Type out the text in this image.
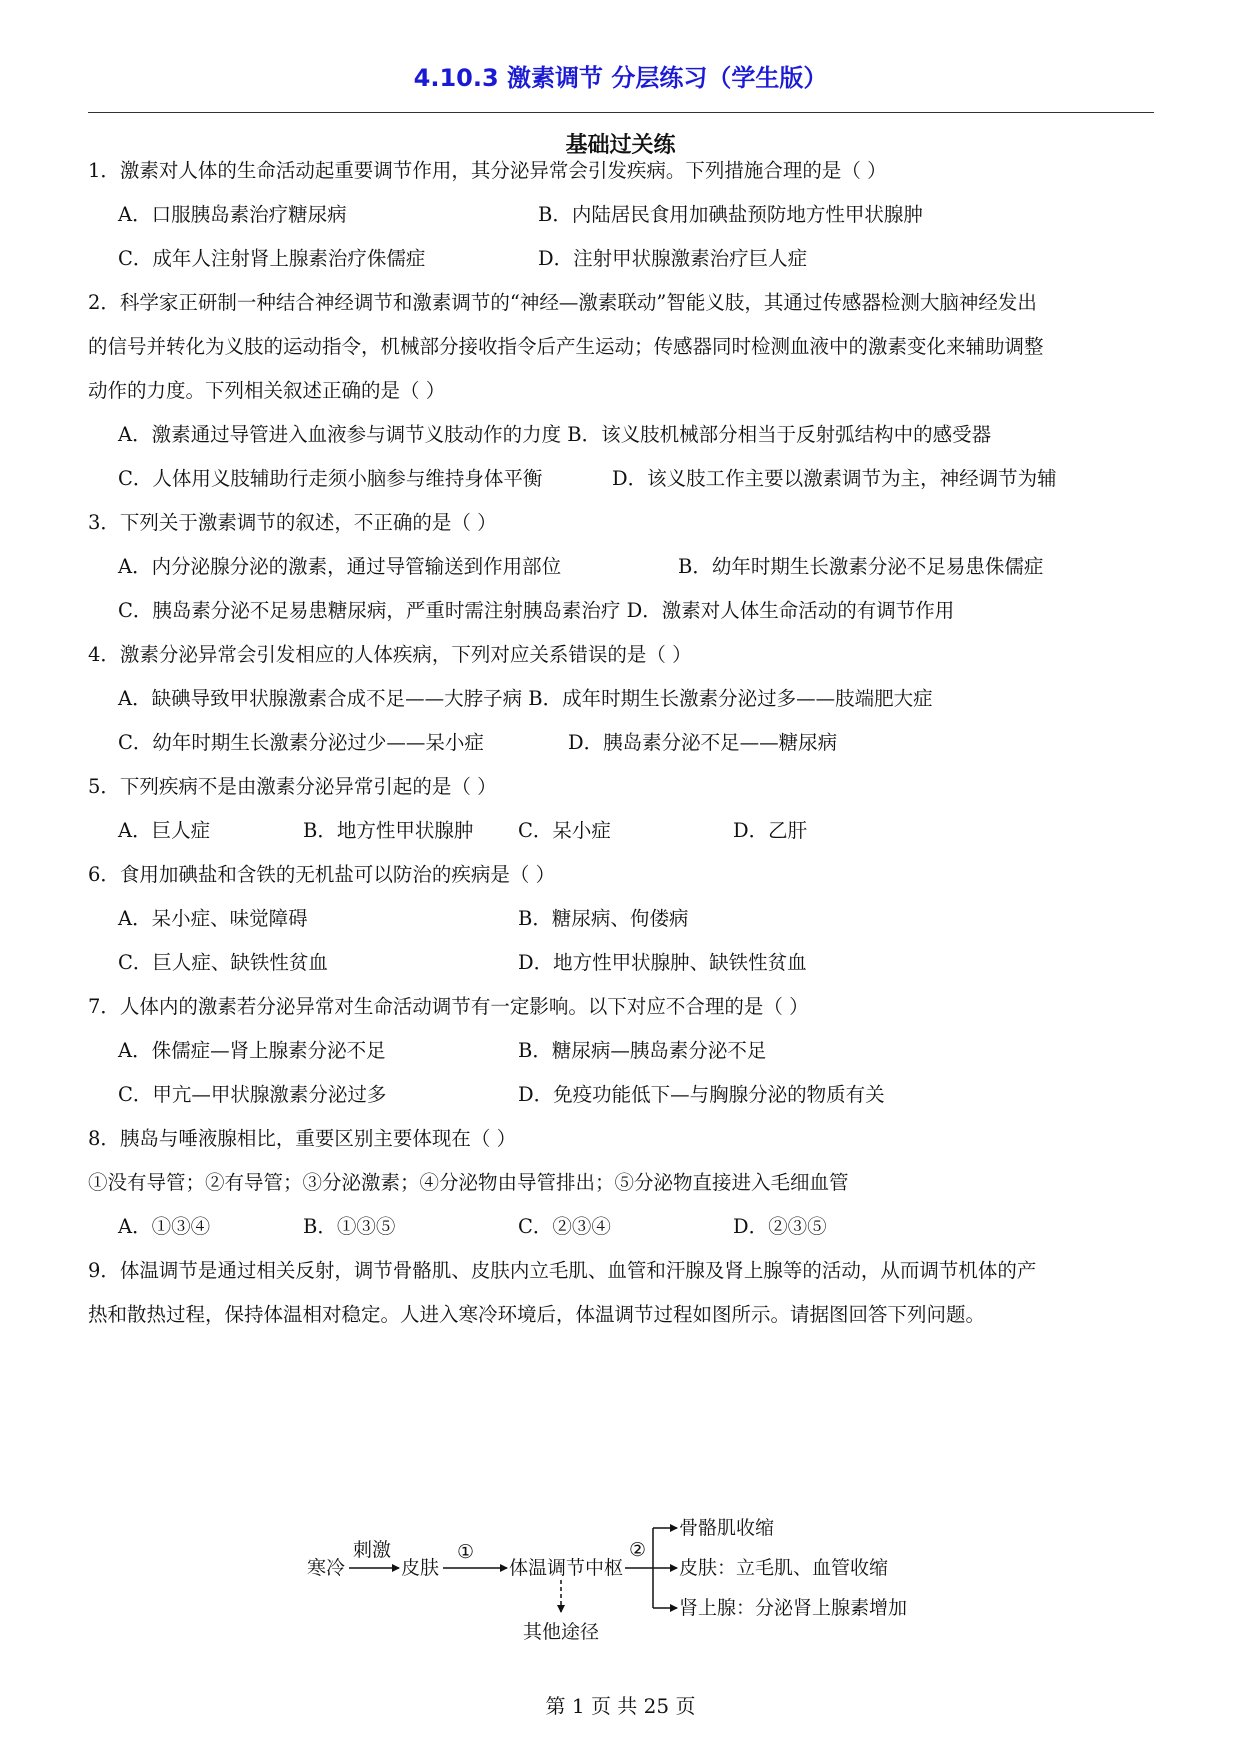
4.10.3 激素调节 分层练习（学生版）
基础过关练
1．激素对人体的生命活动起重要调节作用，其分泌异常会引发疾病。下列措施合理的是（ ）
A．口服胰岛素治疗糖尿病	B．内陆居民食用加碘盐预防地方性甲状腺肿
C．成年人注射肾上腺素治疗侏儒症	D．注射甲状腺激素治疗巨人症
2．科学家正研制一种结合神经调节和激素调节的“神经—激素联动”智能义肢，其通过传感器检测大脑神经发出
的信号并转化为义肢的运动指令，机械部分接收指令后产生运动；传感器同时检测血液中的激素变化来辅助调整
动作的力度。下列相关叙述正确的是（ ）
A．激素通过导管进入血液参与调节义肢动作的力度 B．该义肢机械部分相当于反射弧结构中的感受器
C．人体用义肢辅助行走须小脑参与维持身体平衡	D．该义肢工作主要以激素调节为主，神经调节为辅
3．下列关于激素调节的叙述，不正确的是（ ）
A．内分泌腺分泌的激素，通过导管输送到作用部位	B．幼年时期生长激素分泌不足易患侏儒症
C．胰岛素分泌不足易患糖尿病，严重时需注射胰岛素治疗 D．激素对人体生命活动的有调节作用
4．激素分泌异常会引发相应的人体疾病，下列对应关系错误的是（ ）
A．缺碘导致甲状腺激素合成不足——大脖子病 B．成年时期生长激素分泌过多——肢端肥大症
C．幼年时期生长激素分泌过少——呆小症	D．胰岛素分泌不足——糖尿病
5．下列疾病不是由激素分泌异常引起的是（ ）
A．巨人症	B．地方性甲状腺肿 C．呆小症	D．乙肝
6．食用加碘盐和含铁的无机盐可以防治的疾病是（ ）
A．呆小症、味觉障碍	B．糖尿病、佝偻病
C．巨人症、缺铁性贫血	D．地方性甲状腺肿、缺铁性贫血
7．人体内的激素若分泌异常对生命活动调节有一定影响。以下对应不合理的是（ ）
A．侏儒症—肾上腺素分泌不足	B．糖尿病—胰岛素分泌不足
C．甲亢—甲状腺激素分泌过多	D．免疫功能低下—与胸腺分泌的物质有关
8．胰岛与唾液腺相比，重要区别主要体现在（ ）
①没有导管；②有导管；③分泌激素；④分泌物由导管排出；⑤分泌物直接进入毛细血管
A．①③④	B．①③⑤	C．②③④	D．②③⑤
9．体温调节是通过相关反射，调节骨骼肌、皮肤内立毛肌、血管和汗腺及肾上腺等的活动，从而调节机体的产
热和散热过程，保持体温相对稳定。人进入寒冷环境后，体温调节过程如图所示。请据图回答下列问题。
寒冷
刺激
皮肤
①
体温调节中枢
其他途径
②
骨骼肌收缩
皮肤：立毛肌、血管收缩
肾上腺：分泌肾上腺素增加
第 1 页 共 25 页
